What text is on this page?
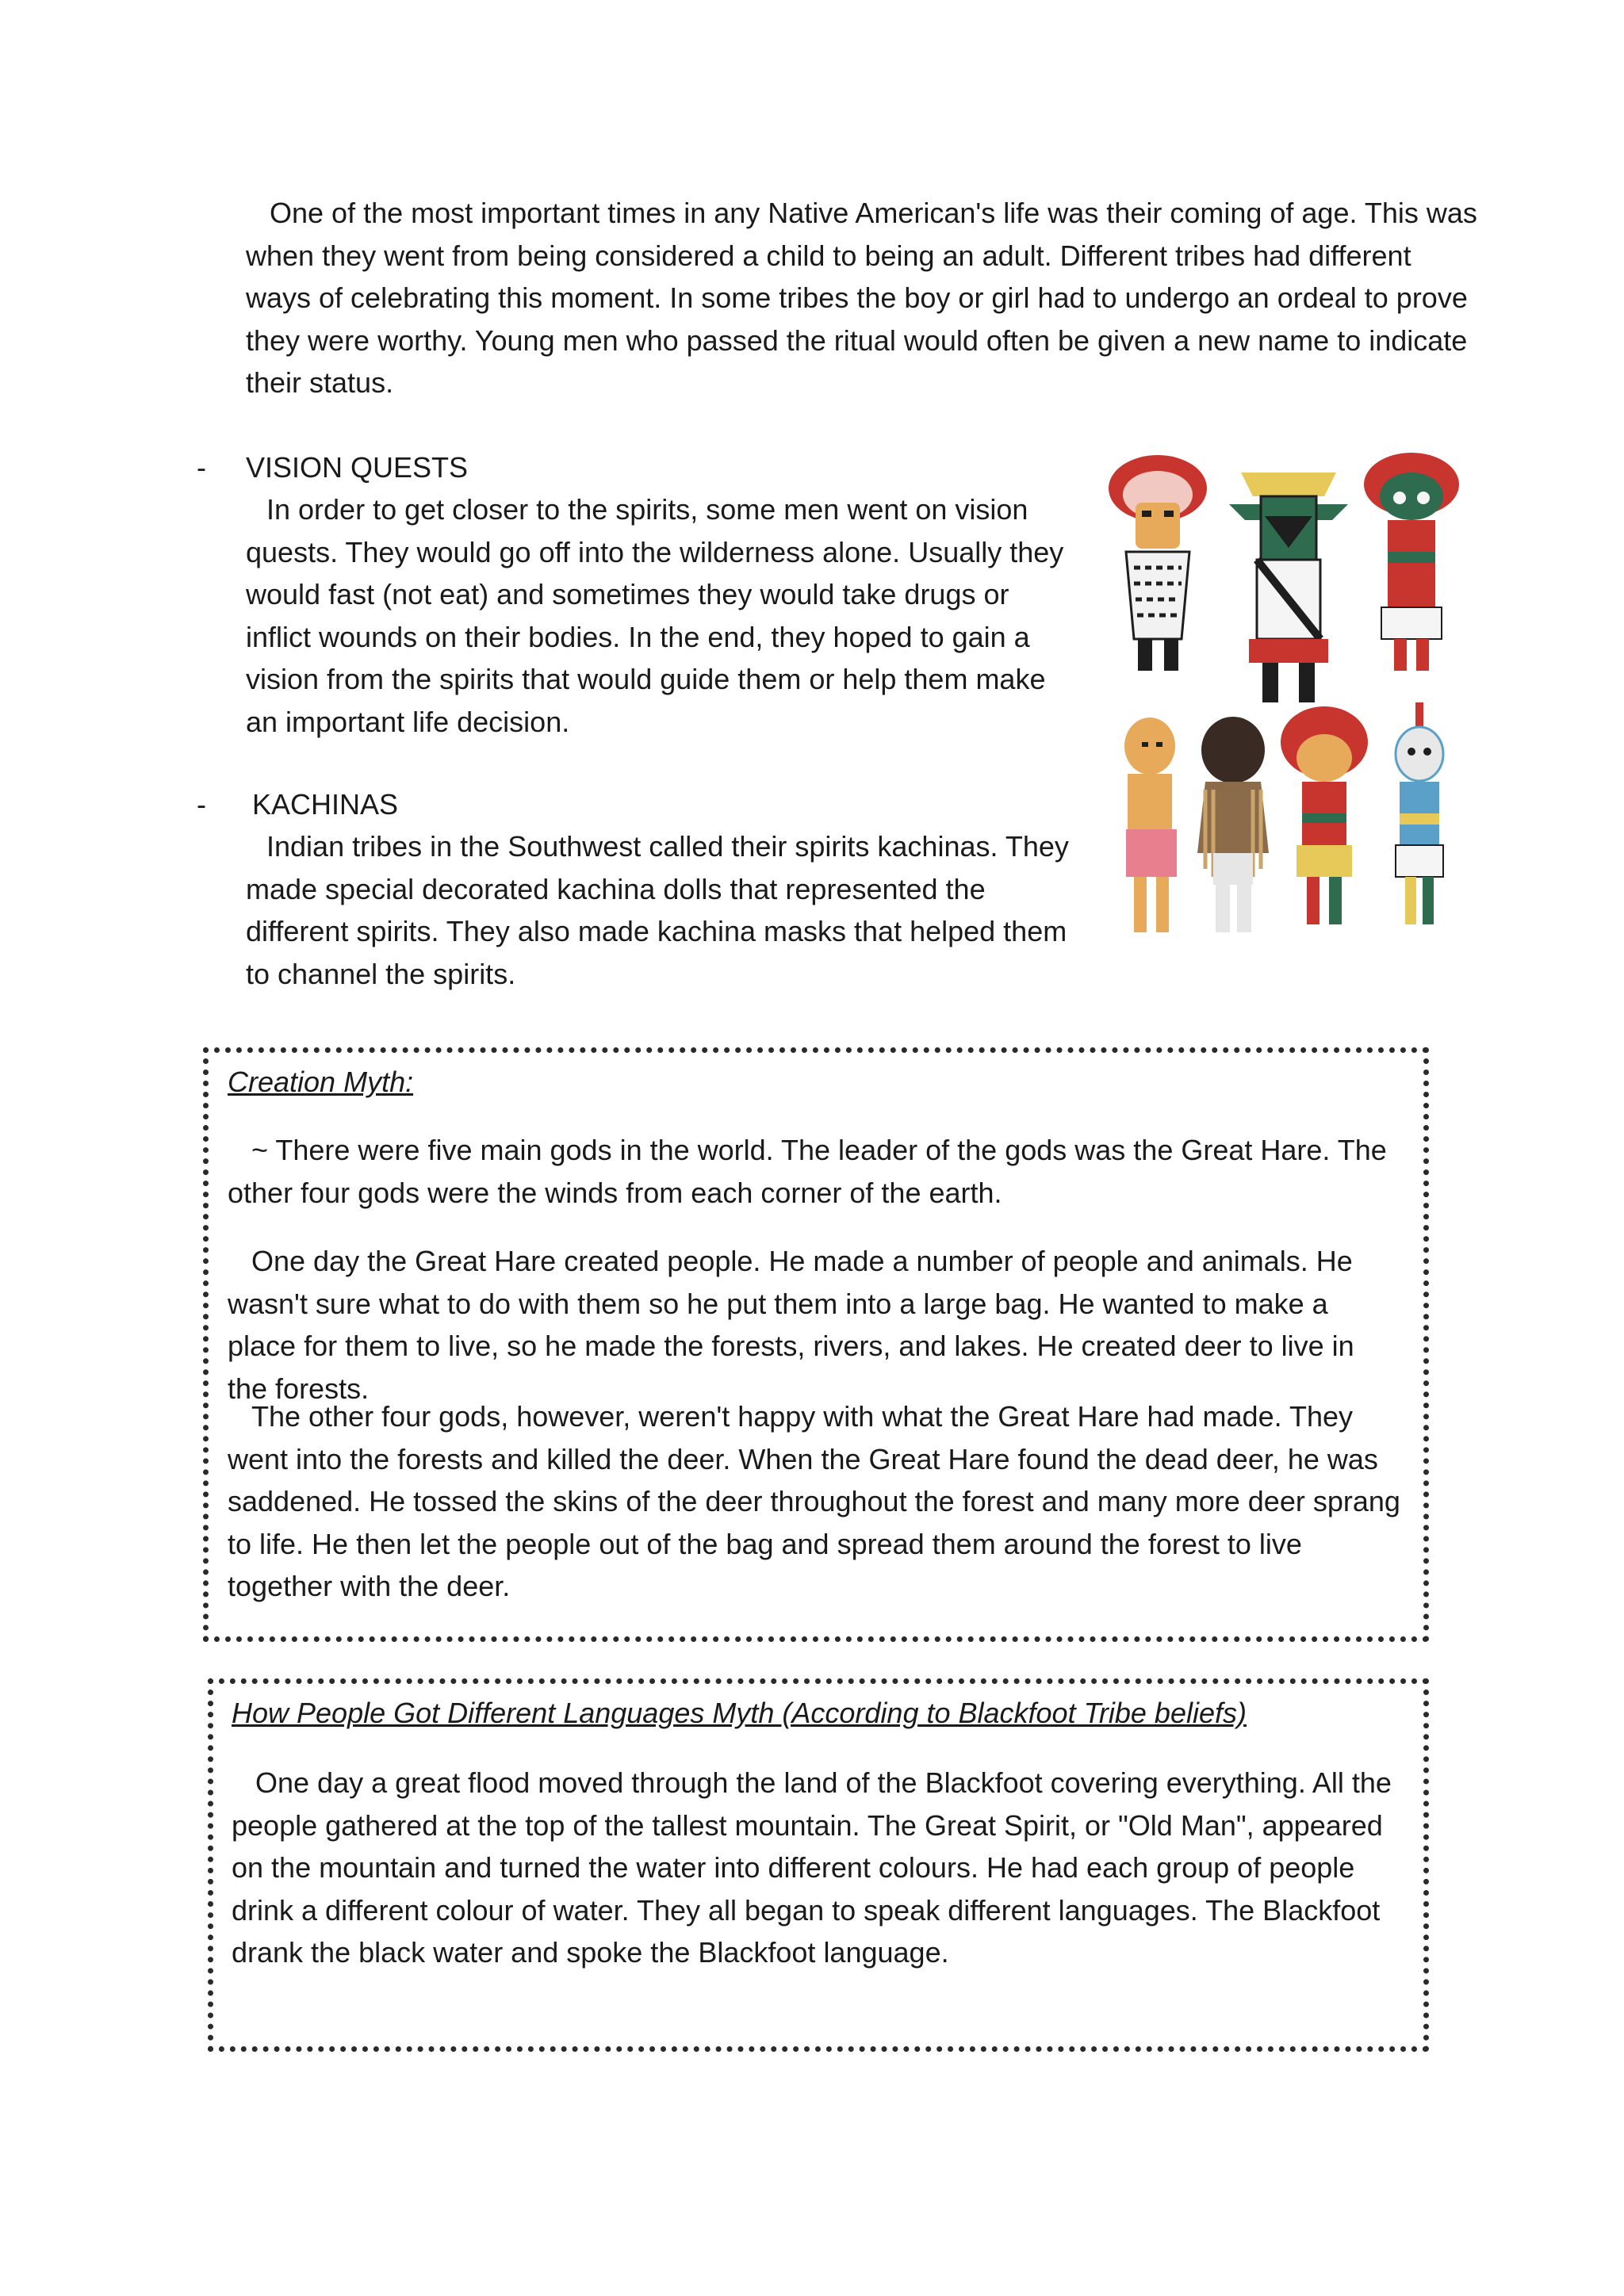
One of the most important times in any Native American's life was their coming of age. This was when they went from being considered a child to being an adult. Different tribes had different ways of celebrating this moment. In some tribes the boy or girl had to undergo an ordeal to prove they were worthy. Young men who passed the ritual would often be given a new name to indicate their status.

- VISION QUESTS

In order to get closer to the spirits, some men went on vision quests. They would go off into the wilderness alone. Usually they would fast (not eat) and sometimes they would take drugs or inflict wounds on their bodies. In the end, they hoped to gain a vision from the spirits that would guide them or help them make an important life decision.

- KACHINAS

Indian tribes in the Southwest called their spirits kachinas. They made special decorated kachina dolls that represented the different spirits. They also made kachina masks that helped them to channel the spirits.

Creation Myth:

~ There were five main gods in the world. The leader of the gods was the Great Hare. The other four gods were the winds from each corner of the earth.

One day the Great Hare created people. He made a number of people and animals. He wasn't sure what to do with them so he put them into a large bag. He wanted to make a place for them to live, so he made the forests, rivers, and lakes. He created deer to live in the forests.

The other four gods, however, weren't happy with what the Great Hare had made. They went into the forests and killed the deer. When the Great Hare found the dead deer, he was saddened. He tossed the skins of the deer throughout the forest and many more deer sprang to life. He then let the people out of the bag and spread them around the forest to live together with the deer.

How People Got Different Languages Myth (According to Blackfoot Tribe beliefs)

One day a great flood moved through the land of the Blackfoot covering everything. All the people gathered at the top of the tallest mountain. The Great Spirit, or "Old Man", appeared on the mountain and turned the water into different colours. He had each group of people drink a different colour of water. They all began to speak different languages. The Blackfoot drank the black water and spoke the Blackfoot language.
